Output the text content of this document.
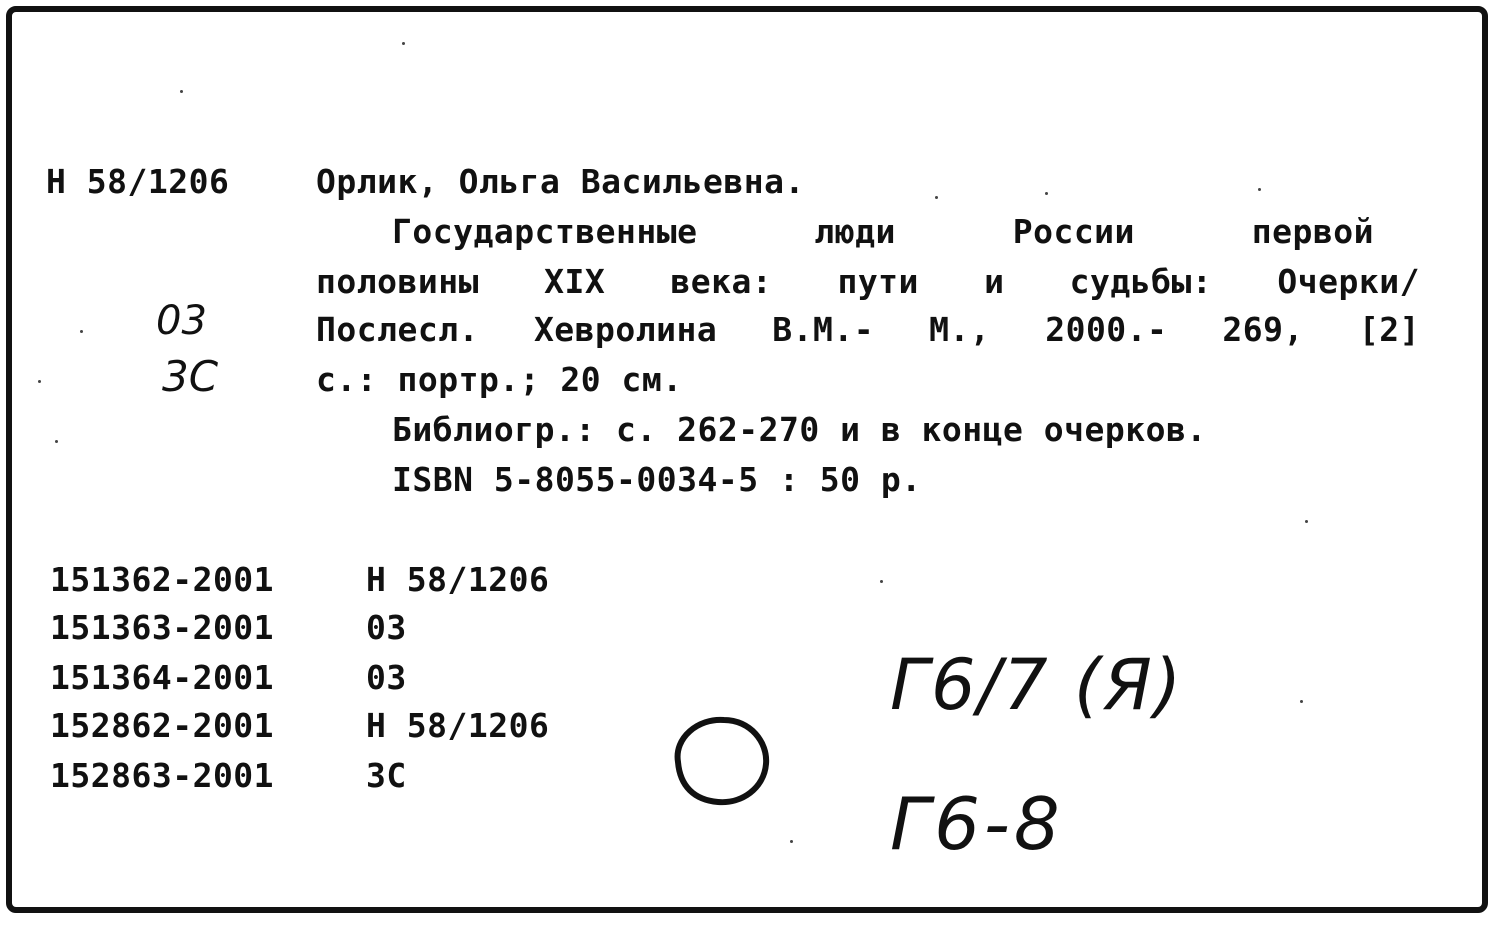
Н 58/1206	Орлик, Ольга Васильевна.
Государственные люди России первой
половины XIX века: пути и судьбы: Очерки/
Послесл. Хевролина В.М.- М., 2000.- 269, [2]
с.: портр.; 20 см.
Библиогр.: с. 262-270 и в конце очерков.
ISBN 5-8055-0034-5 : 50 р.
03
3С
151362-2001	Н 58/1206
151363-2001	03
151364-2001	03
152862-2001	Н 58/1206
152863-2001	3С
Г6/7 (Я)
Г6-8
